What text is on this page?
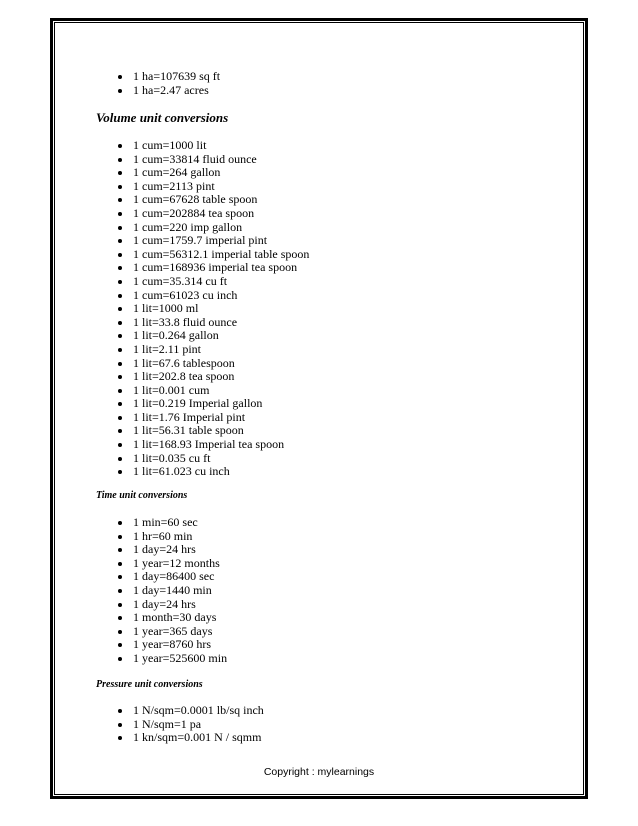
1 ha=107639 sq ft
1 ha=2.47 acres
Volume unit conversions
1 cum=1000 lit
1 cum=33814 fluid ounce
1 cum=264 gallon
1 cum=2113 pint
1 cum=67628 table spoon
1 cum=202884 tea spoon
1 cum=220 imp gallon
1 cum=1759.7 imperial pint
1 cum=56312.1 imperial table spoon
1 cum=168936 imperial tea spoon
1 cum=35.314 cu ft
1 cum=61023 cu inch
1 lit=1000 ml
1 lit=33.8 fluid ounce
1 lit=0.264 gallon
1 lit=2.11 pint
1 lit=67.6 tablespoon
1 lit=202.8 tea spoon
1 lit=0.001 cum
1 lit=0.219 Imperial gallon
1 lit=1.76 Imperial pint
1 lit=56.31 table spoon
1 lit=168.93 Imperial tea spoon
1 lit=0.035 cu ft
1 lit=61.023 cu inch
Time unit conversions
1 min=60 sec
1 hr=60 min
1 day=24 hrs
1 year=12 months
1 day=86400 sec
1 day=1440 min
1 day=24 hrs
1 month=30 days
1 year=365 days
1 year=8760 hrs
1 year=525600 min
Pressure unit conversions
1 N/sqm=0.0001 lb/sq inch
1 N/sqm=1 pa
1 kn/sqm=0.001 N / sqmm
Copyright : mylearnings
